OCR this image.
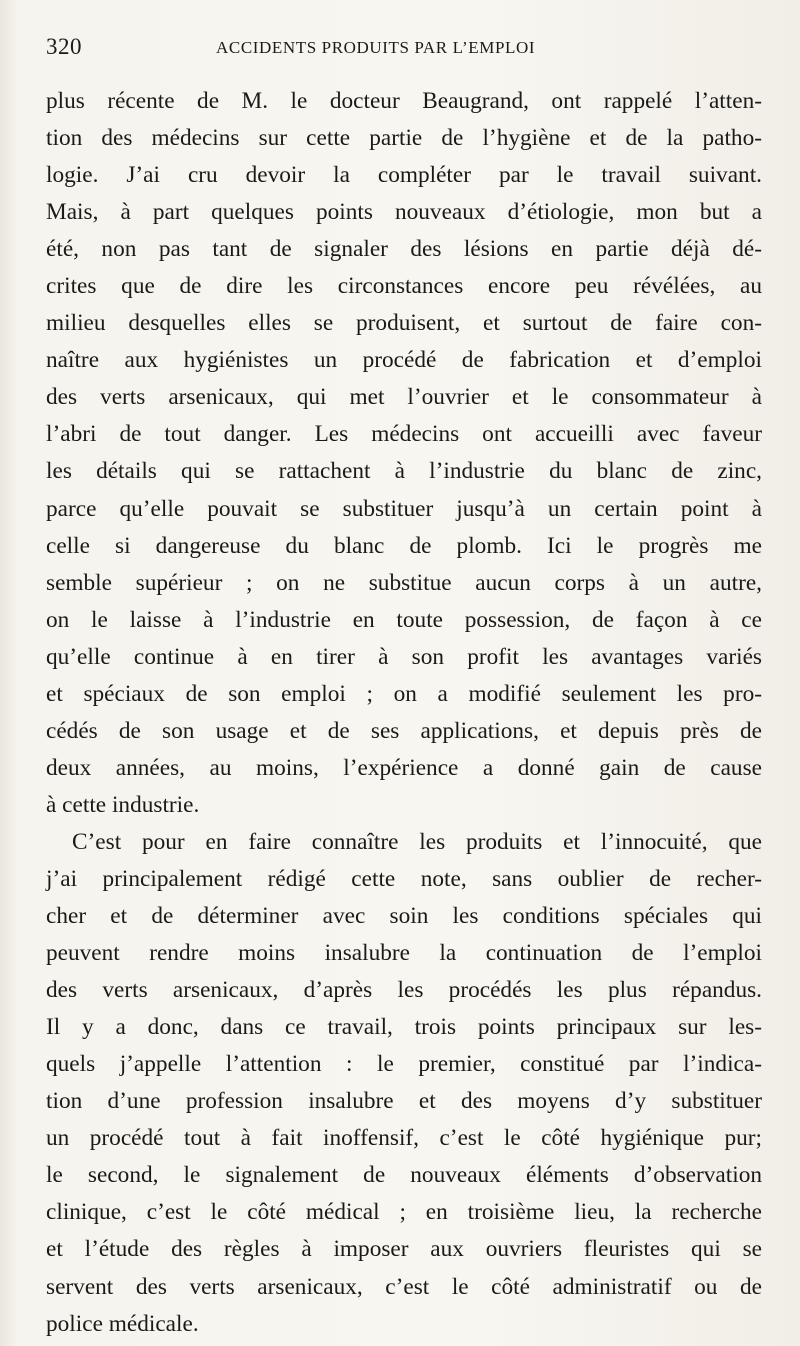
320	ACCIDENTS PRODUITS PAR L’EMPLOI
plus récente de M. le docteur Beaugrand, ont rappelé l’atten-
tion des médecins sur cette partie de l’hygiène et de la patho-
logie. J’ai cru devoir la compléter par le travail suivant.
Mais, à part quelques points nouveaux d’étiologie, mon but a
été, non pas tant de signaler des lésions en partie déjà dé-
crites que de dire les circonstances encore peu révélées, au
milieu desquelles elles se produisent, et surtout de faire con-
naître aux hygiénistes un procédé de fabrication et d’emploi
des verts arsenicaux, qui met l’ouvrier et le consommateur à
l’abri de tout danger. Les médecins ont accueilli avec faveur
les détails qui se rattachent à l’industrie du blanc de zinc,
parce qu’elle pouvait se substituer jusqu’à un certain point à
celle si dangereuse du blanc de plomb. Ici le progrès me
semble supérieur ; on ne substitue aucun corps à un autre,
on le laisse à l’industrie en toute possession, de façon à ce
qu’elle continue à en tirer à son profit les avantages variés
et spéciaux de son emploi ; on a modifié seulement les pro-
cédés de son usage et de ses applications, et depuis près de
deux années, au moins, l’expérience a donné gain de cause
à cette industrie.
C’est pour en faire connaître les produits et l’innocuité, que
j’ai principalement rédigé cette note, sans oublier de recher-
cher et de déterminer avec soin les conditions spéciales qui
peuvent rendre moins insalubre la continuation de l’emploi
des verts arsenicaux, d’après les procédés les plus répandus.
Il y a donc, dans ce travail, trois points principaux sur les-
quels j’appelle l’attention : le premier, constitué par l’indica-
tion d’une profession insalubre et des moyens d’y substituer
un procédé tout à fait inoffensif, c’est le côté hygiénique pur;
le second, le signalement de nouveaux éléments d’observation
clinique, c’est le côté médical ; en troisième lieu, la recherche
et l’étude des règles à imposer aux ouvriers fleuristes qui se
servent des verts arsenicaux, c’est le côté administratif ou de
police médicale.
